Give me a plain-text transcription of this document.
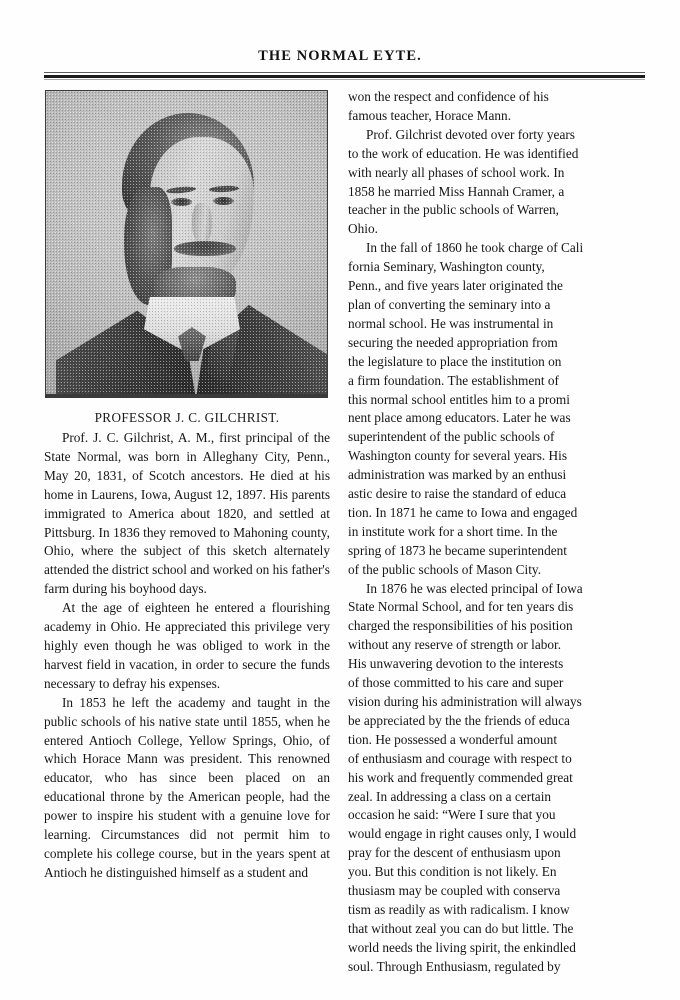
THE NORMAL EYTE.
PROFESSOR J. C. GILCHRIST.

Prof. J. C. Gilchrist, A. M., first principal of the State Normal, was born in Alleghany City, Penn., May 20, 1831, of Scotch ancestors. He died at his home in Laurens, Iowa, August 12, 1897. His parents immigrated to America about 1820, and settled at Pittsburg. In 1836 they removed to Mahoning county, Ohio, where the subject of this sketch alternately attended the district school and worked on his father's farm during his boyhood days.

At the age of eighteen he entered a flourishing academy in Ohio. He appreciated this privilege very highly even though he was obliged to work in the harvest field in vacation, in order to secure the funds necessary to defray his expenses.

In 1853 he left the academy and taught in the public schools of his native state until 1855, when he entered Antioch College, Yellow Springs, Ohio, of which Horace Mann was president. This renowned educator, who has since been placed on an educational throne by the American people, had the power to inspire his student with a genuine love for learning. Circumstances did not permit him to complete his college course, but in the years spent at Antioch he distinguished himself as a student and

won the respect and confidence of his
famous teacher, Horace Mann.
Prof. Gilchrist devoted over forty years
to the work of education. He was identified
with nearly all phases of school work. In
1858 he married Miss Hannah Cramer, a
teacher in the public schools of Warren,
Ohio.
In the fall of 1860 he took charge of Cali
fornia Seminary, Washington county,
Penn., and five years later originated the
plan of converting the seminary into a
normal school. He was instrumental in
securing the needed appropriation from
the legislature to place the institution on
a firm foundation. The establishment of
this normal school entitles him to a promi
nent place among educators. Later he was
superintendent of the public schools of
Washington county for several years. His
administration was marked by an enthusi
astic desire to raise the standard of educa
tion. In 1871 he came to Iowa and engaged
in institute work for a short time. In the
spring of 1873 he became superintendent
of the public schools of Mason City.
In 1876 he was elected principal of Iowa
State Normal School, and for ten years dis
charged the responsibilities of his position
without any reserve of strength or labor.
His unwavering devotion to the interests
of those committed to his care and super
vision during his administration will always
be appreciated by the the friends of educa
tion. He possessed a wonderful amount
of enthusiasm and courage with respect to
his work and frequently commended great
zeal. In addressing a class on a certain
occasion he said: “Were I sure that you
would engage in right causes only, I would
pray for the descent of enthusiasm upon
you. But this condition is not likely. En
thusiasm may be coupled with conserva
tism as readily as with radicalism. I know
that without zeal you can do but little. The
world needs the living spirit, the enkindled
soul. Through Enthusiasm, regulated by
